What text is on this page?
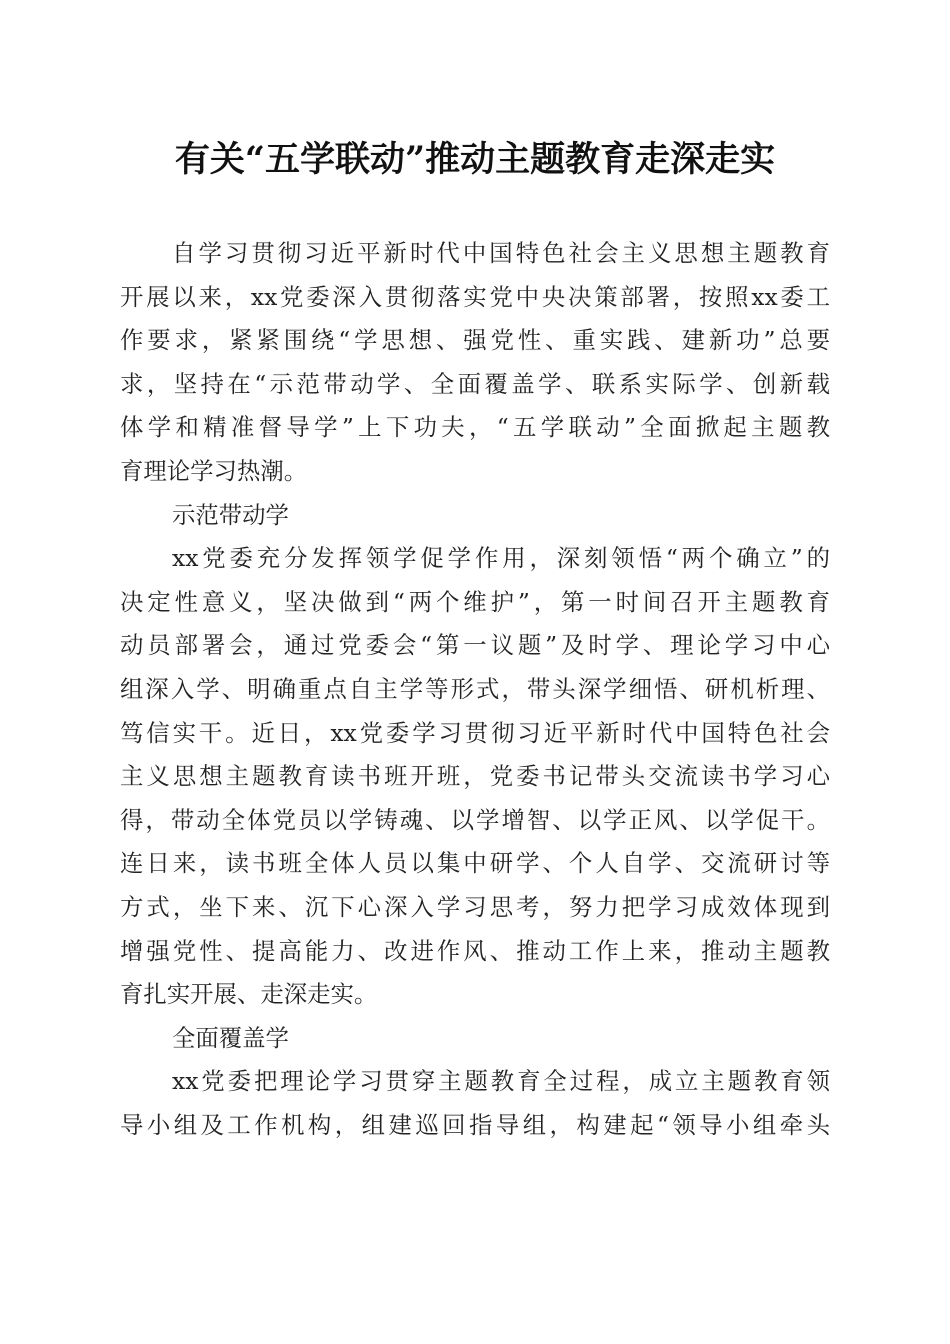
有关“五学联动”推动主题教育走深走实
自学习贯彻习近平新时代中国特色社会主义思想主题教育
开展以来，xx党委深入贯彻落实党中央决策部署，按照xx委工
作要求，紧紧围绕“学思想、强党性、重实践、建新功”总要
求，坚持在“示范带动学、全面覆盖学、联系实际学、创新载
体学和精准督导学”上下功夫，“五学联动”全面掀起主题教
育理论学习热潮。
示范带动学
xx党委充分发挥领学促学作用，深刻领悟“两个确立”的
决定性意义，坚决做到“两个维护”，第一时间召开主题教育
动员部署会，通过党委会“第一议题”及时学、理论学习中心
组深入学、明确重点自主学等形式，带头深学细悟、研机析理、
笃信实干。近日，xx党委学习贯彻习近平新时代中国特色社会
主义思想主题教育读书班开班，党委书记带头交流读书学习心
得，带动全体党员以学铸魂、以学增智、以学正风、以学促干。
连日来，读书班全体人员以集中研学、个人自学、交流研讨等
方式，坐下来、沉下心深入学习思考，努力把学习成效体现到
增强党性、提高能力、改进作风、推动工作上来，推动主题教
育扎实开展、走深走实。
全面覆盖学
xx党委把理论学习贯穿主题教育全过程，成立主题教育领
导小组及工作机构，组建巡回指导组，构建起“领导小组牵头
